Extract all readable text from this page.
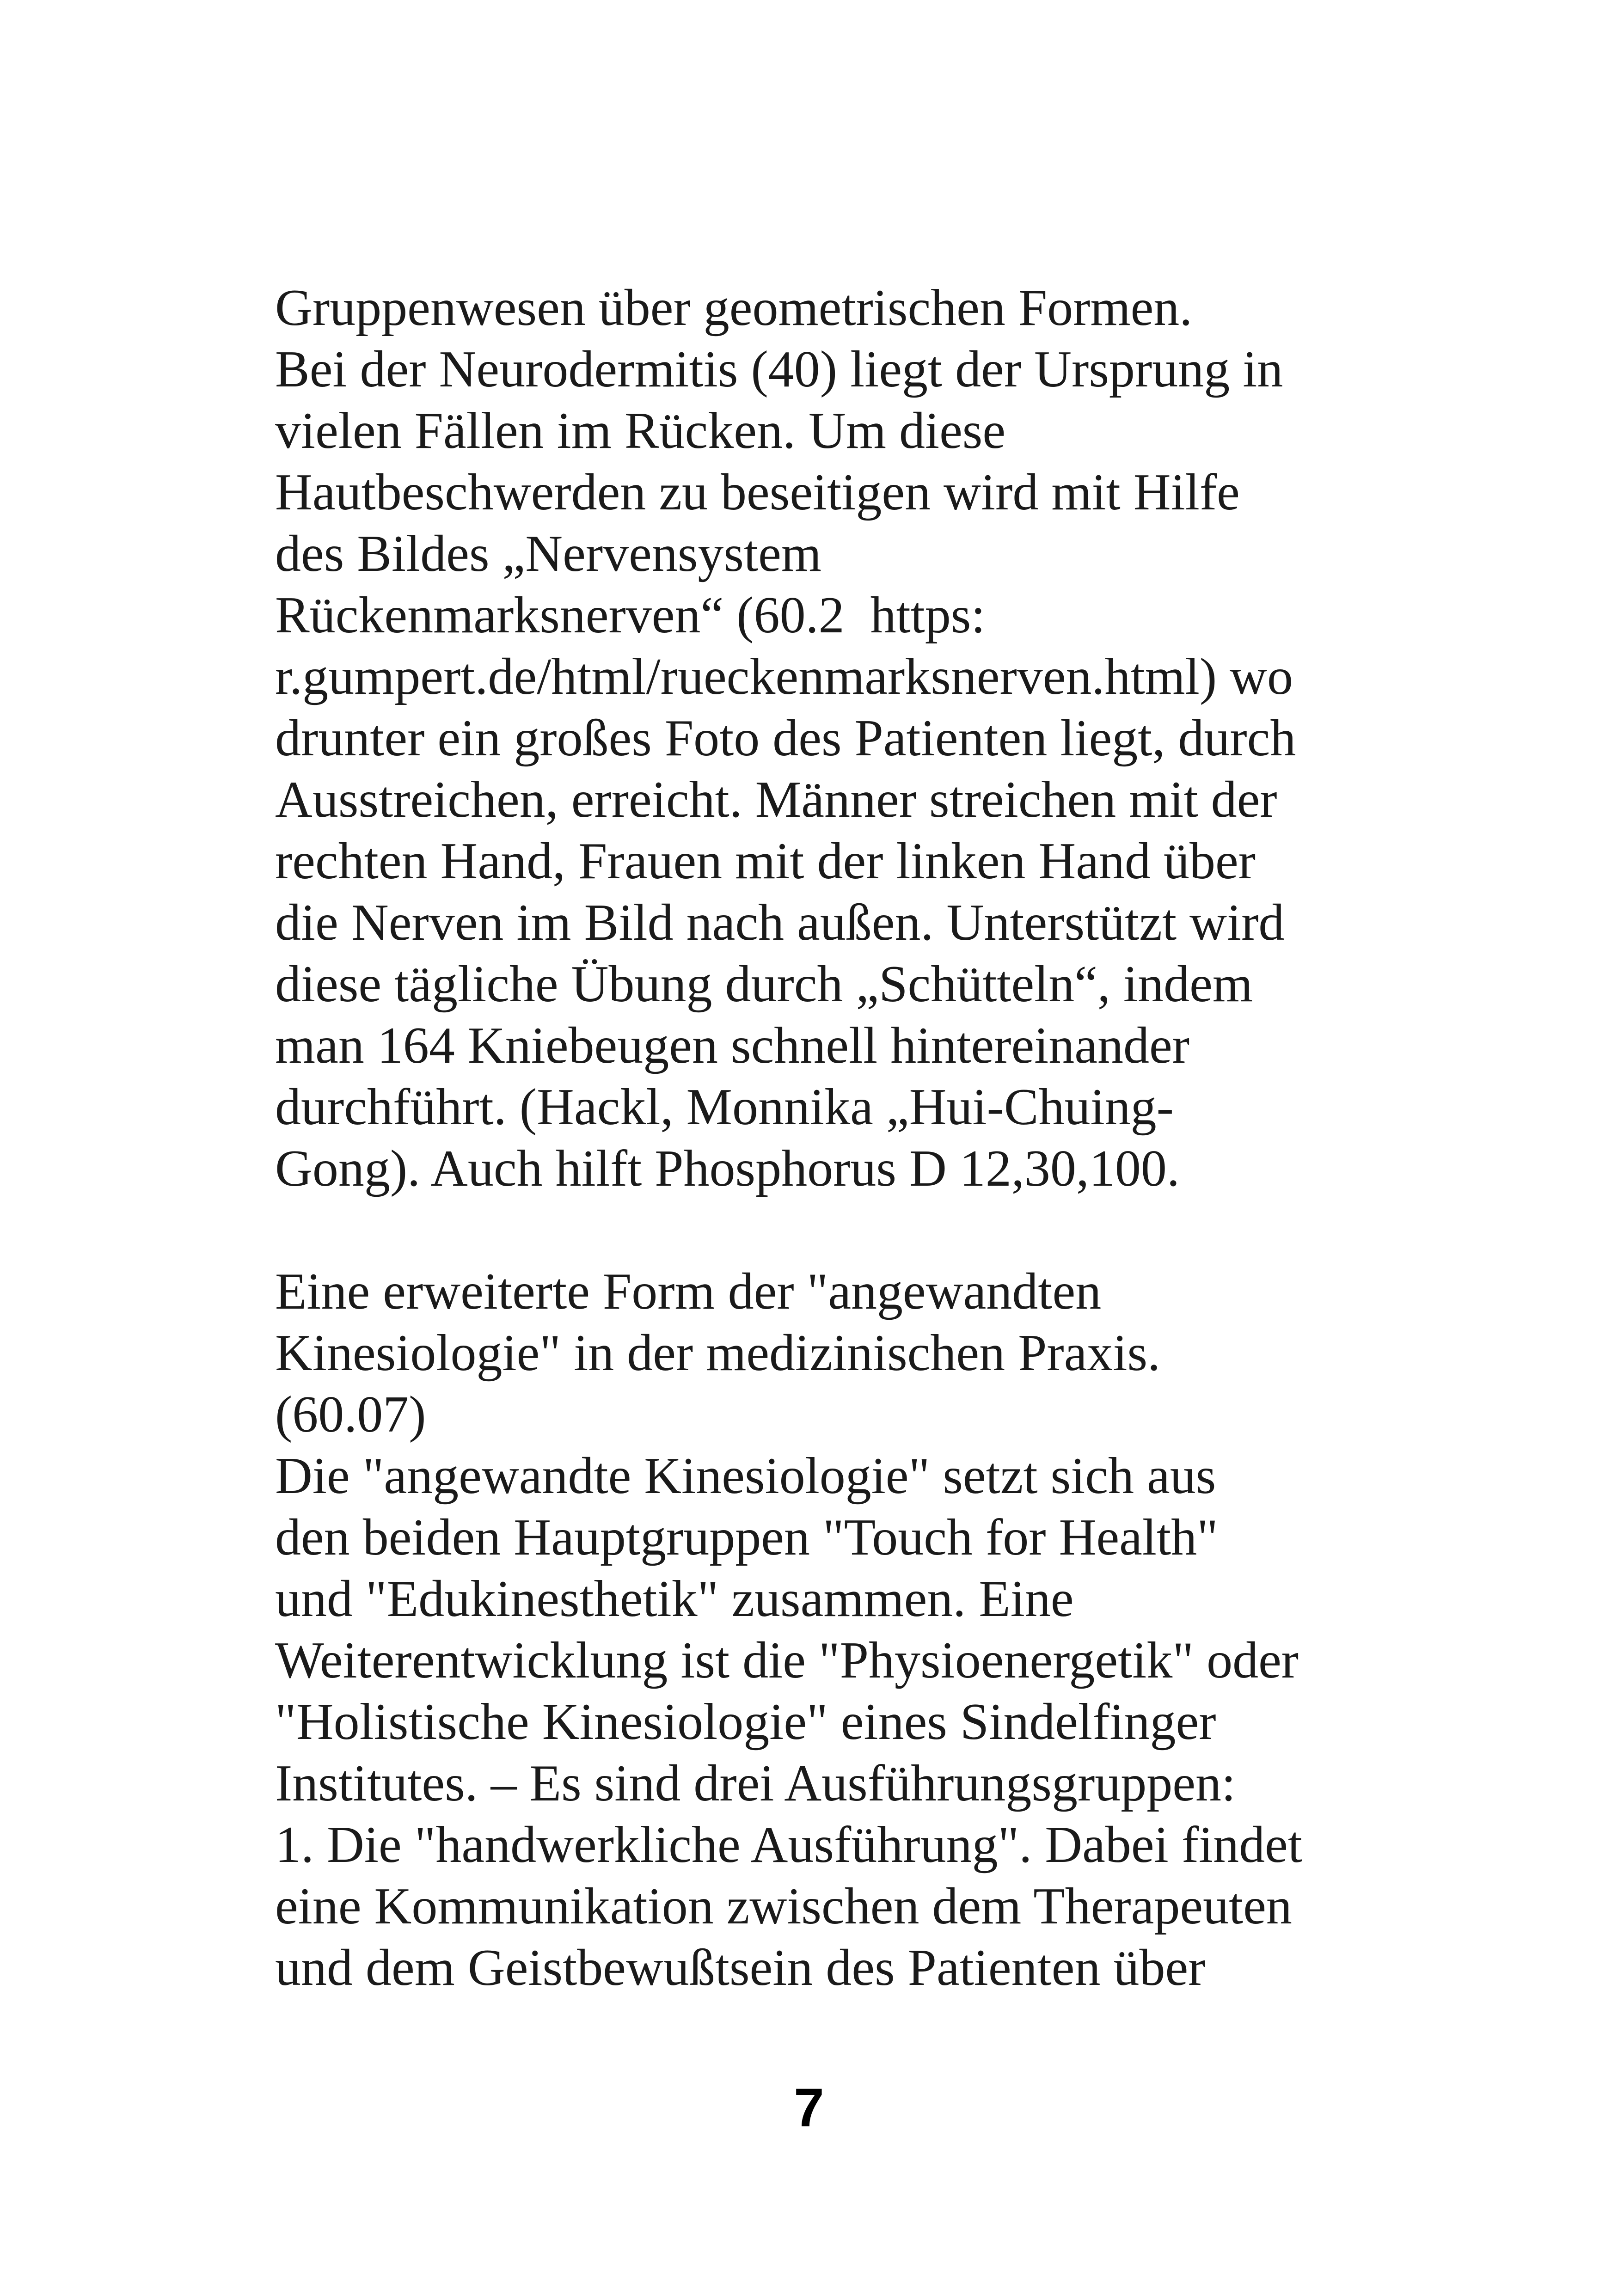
Gruppenwesen über geometrischen Formen.
Bei der Neurodermitis (40) liegt der Ursprung in
vielen Fällen im Rücken. Um diese
Hautbeschwerden zu beseitigen wird mit Hilfe
des Bildes „Nervensystem
Rückenmarksnerven“ (60.2  https:
r.gumpert.de/html/rueckenmarksnerven.html) wo
drunter ein großes Foto des Patienten liegt, durch
Ausstreichen, erreicht. Männer streichen mit der
rechten Hand, Frauen mit der linken Hand über
die Nerven im Bild nach außen. Unterstützt wird
diese tägliche Übung durch „Schütteln“, indem
man 164 Kniebeugen schnell hintereinander
durchführt. (Hackl, Monnika „Hui-Chuing-
Gong). Auch hilft Phosphorus D 12,30,100.
Eine erweiterte Form der "angewandten
Kinesiologie" in der medizinischen Praxis.
(60.07)
Die "angewandte Kinesiologie" setzt sich aus
den beiden Hauptgruppen "Touch for Health"
und "Edukinesthetik" zusammen. Eine
Weiterentwicklung ist die "Physioenergetik" oder
"Holistische Kinesiologie" eines Sindelfinger
Institutes. – Es sind drei Ausführungsgruppen:
1. Die "handwerkliche Ausführung". Dabei findet
eine Kommunikation zwischen dem Therapeuten
und dem Geistbewußtsein des Patienten über
7
